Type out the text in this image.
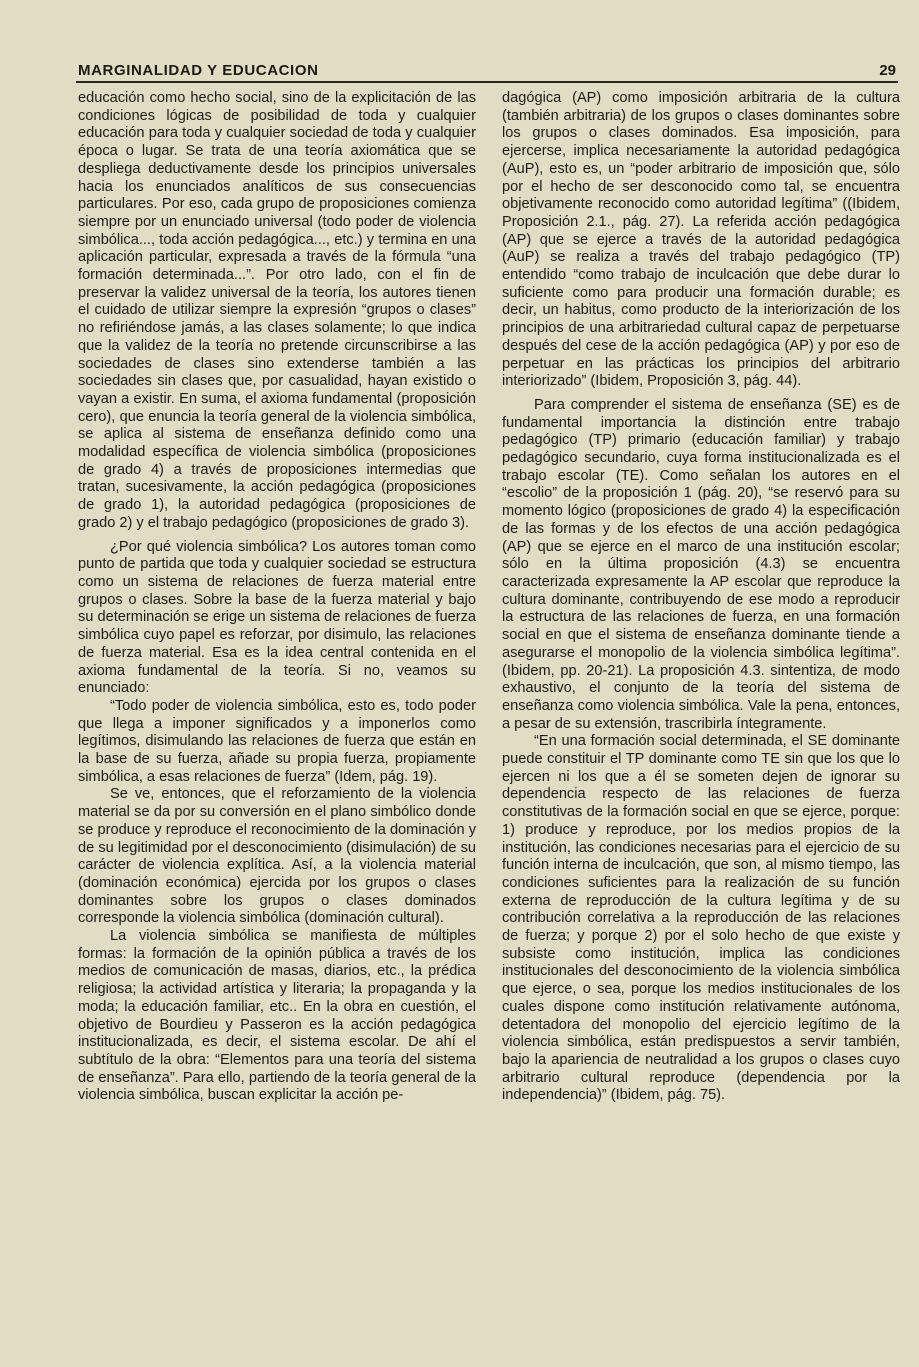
MARGINALIDAD Y EDUCACION	29

educación como hecho social, sino de la explicitación de las condiciones lógicas de posibilidad de toda y cualquier educación para toda y cualquier sociedad de toda y cualquier época o lugar. Se trata de una teoría axiomática que se despliega deductivamente desde los principios universales hacia los enunciados analíticos de sus consecuencias particulares. Por eso, cada grupo de proposiciones comienza siempre por un enunciado universal (todo poder de violencia simbólica..., toda acción pedagógica..., etc.) y termina en una aplicación particular, expresada a través de la fórmula “una formación determinada...”. Por otro lado, con el fin de preservar la validez universal de la teoría, los autores tienen el cuidado de utilizar siempre la expresión “grupos o clases” no refiriéndose jamás, a las clases solamente; lo que indica que la validez de la teoría no pretende circunscribirse a las sociedades de clases sino extenderse también a las sociedades sin clases que, por casualidad, hayan existido o vayan a existir. En suma, el axioma fundamental (proposición cero), que enuncia la teoría general de la violencia simbólica, se aplica al sistema de enseñanza definido como una modalidad específica de violencia simbólica (proposiciones de grado 4) a través de proposiciones intermedias que tratan, sucesivamente, la acción pedagógica (proposiciones de grado 1), la autoridad pedagógica (proposiciones de grado 2) y el trabajo pedagógico (proposiciones de grado 3).

¿Por qué violencia simbólica? Los autores toman como punto de partida que toda y cualquier sociedad se estructura como un sistema de relaciones de fuerza material entre grupos o clases. Sobre la base de la fuerza material y bajo su determinación se erige un sistema de relaciones de fuerza simbólica cuyo papel es reforzar, por disimulo, las relaciones de fuerza material. Esa es la idea central contenida en el axioma fundamental de la teoría. Si no, veamos su enunciado:

“Todo poder de violencia simbólica, esto es, todo poder que llega a imponer significados y a imponerlos como legítimos, disimulando las relaciones de fuerza que están en la base de su fuerza, añade su propia fuerza, propiamente simbólica, a esas relaciones de fuerza” (Idem, pág. 19).

Se ve, entonces, que el reforzamiento de la violencia material se da por su conversión en el plano simbólico donde se produce y reproduce el reconocimiento de la dominación y de su legitimidad por el desconocimiento (disimulación) de su carácter de violencia explítica. Así, a la violencia material (dominación económica) ejercida por los grupos o clases dominantes sobre los grupos o clases dominados corresponde la violencia simbólica (dominación cultural).

La violencia simbólica se manifiesta de múltiples formas: la formación de la opinión pública a través de los medios de comunicación de masas, diarios, etc., la prédica religiosa; la actividad artística y literaria; la propaganda y la moda; la educación familiar, etc.. En la obra en cuestión, el objetivo de Bourdieu y Passeron es la acción pedagógica institucionalizada, es decir, el sistema escolar. De ahí el subtítulo de la obra: “Elementos para una teoría del sistema de enseñanza”. Para ello, partiendo de la teoría general de la violencia simbólica, buscan explicitar la acción pe-

dagógica (AP) como imposición arbitraria de la cultura (también arbitraria) de los grupos o clases dominantes sobre los grupos o clases dominados. Esa imposición, para ejercerse, implica necesariamente la autoridad pedagógica (AuP), esto es, un “poder arbitrario de imposición que, sólo por el hecho de ser desconocido como tal, se encuentra objetivamente reconocido como autoridad legítima” ((Ibidem, Proposición 2.1., pág. 27). La referida acción pedagógica (AP) que se ejerce a través de la autoridad pedagógica (AuP) se realiza a través del trabajo pedagógico (TP) entendido “como trabajo de inculcación que debe durar lo suficiente como para producir una formación durable; es decir, un habitus, como producto de la interiorización de los principios de una arbitrariedad cultural capaz de perpetuarse después del cese de la acción pedagógica (AP) y por eso de perpetuar en las prácticas los principios del arbitrario interiorizado” (Ibidem, Proposición 3, pág. 44).

Para comprender el sistema de enseñanza (SE) es de fundamental importancia la distinción entre trabajo pedagógico (TP) primario (educación familiar) y trabajo pedagógico secundario, cuya forma institucionalizada es el trabajo escolar (TE). Como señalan los autores en el “escolio” de la proposición 1 (pág. 20), “se reservó para su momento lógico (proposiciones de grado 4) la especificación de las formas y de los efectos de una acción pedagógica (AP) que se ejerce en el marco de una institución escolar; sólo en la última proposición (4.3) se encuentra caracterizada expresamente la AP escolar que reproduce la cultura dominante, contribuyendo de ese modo a reproducir la estructura de las relaciones de fuerza, en una formación social en que el sistema de enseñanza dominante tiende a asegurarse el monopolio de la violencia simbólica legítima”. (Ibidem, pp. 20-21). La proposición 4.3. sintentiza, de modo exhaustivo, el conjunto de la teoría del sistema de enseñanza como violencia simbólica. Vale la pena, entonces, a pesar de su extensión, trascribirla íntegramente.

“En una formación social determinada, el SE dominante puede constituir el TP dominante como TE sin que los que lo ejercen ni los que a él se someten dejen de ignorar su dependencia respecto de las relaciones de fuerza constitutivas de la formación social en que se ejerce, porque: 1) produce y reproduce, por los medios propios de la institución, las condiciones necesarias para el ejercicio de su función interna de inculcación, que son, al mismo tiempo, las condiciones suficientes para la realización de su función externa de reproducción de la cultura legítima y de su contribución correlativa a la reproducción de las relaciones de fuerza; y porque 2) por el solo hecho de que existe y subsiste como institución, implica las condiciones institucionales del desconocimiento de la violencia simbólica que ejerce, o sea, porque los medios institucionales de los cuales dispone como institución relativamente autónoma, detentadora del monopolio del ejercicio legítimo de la violencia simbólica, están predispuestos a servir también, bajo la apariencia de neutralidad a los grupos o clases cuyo arbitrario cultural reproduce (dependencia por la independencia)” (Ibidem, pág. 75).
